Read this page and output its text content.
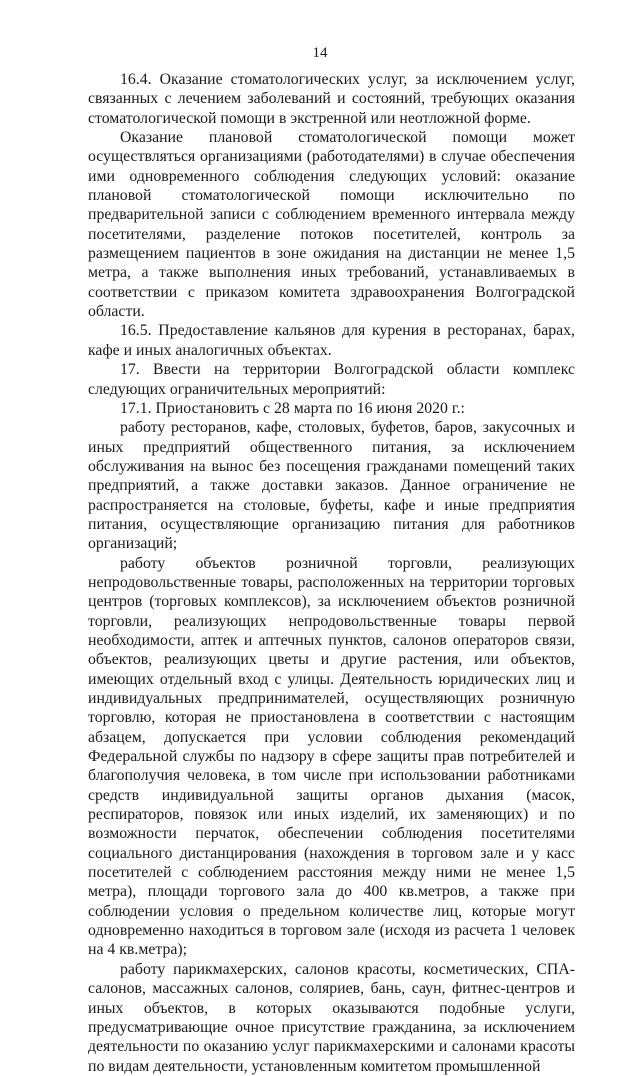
14

16.4. Оказание стоматологических услуг, за исключением услуг, связанных с лечением заболеваний и состояний, требующих оказания стоматологической помощи в экстренной или неотложной форме.

Оказание плановой стоматологической помощи может осуществляться организациями (работодателями) в случае обеспечения ими одновременного соблюдения следующих условий: оказание плановой стоматологической помощи исключительно по предварительной записи с соблюдением временного интервала между посетителями, разделение потоков посетителей, контроль за размещением пациентов в зоне ожидания на дистанции не менее 1,5 метра, а также выполнения иных требований, устанавливаемых в соответствии с приказом комитета здравоохранения Волгоградской области.

16.5. Предоставление кальянов для курения в ресторанах, барах, кафе и иных аналогичных объектах.

17. Ввести на территории Волгоградской области комплекс следующих ограничительных мероприятий:

17.1. Приостановить с 28 марта по 16 июня 2020 г.:

работу ресторанов, кафе, столовых, буфетов, баров, закусочных и иных предприятий общественного питания, за исключением обслуживания на вынос без посещения гражданами помещений таких предприятий, а также доставки заказов. Данное ограничение не распространяется на столовые, буфеты, кафе и иные предприятия питания, осуществляющие организацию питания для работников организаций;

работу объектов розничной торговли, реализующих непродовольственные товары, расположенных на территории торговых центров (торговых комплексов), за исключением объектов розничной торговли, реализующих непродовольственные товары первой необходимости, аптек и аптечных пунктов, салонов операторов связи, объектов, реализующих цветы и другие растения, или объектов, имеющих отдельный вход с улицы. Деятельность юридических лиц и индивидуальных предпринимателей, осуществляющих розничную торговлю, которая не приостановлена в соответствии с настоящим абзацем, допускается при условии соблюдения рекомендаций Федеральной службы по надзору в сфере защиты прав потребителей и благополучия человека, в том числе при использовании работниками средств индивидуальной защиты органов дыхания (масок, респираторов, повязок или иных изделий, их заменяющих) и по возможности перчаток, обеспечении соблюдения посетителями социального дистанцирования (нахождения в торговом зале и у касс посетителей с соблюдением расстояния между ними не менее 1,5 метра), площади торгового зала до 400 кв.метров, а также при соблюдении условия о предельном количестве лиц, которые могут одновременно находиться в торговом зале (исходя из расчета 1 человек на 4 кв.метра);

работу парикмахерских, салонов красоты, косметических, СПА-салонов, массажных салонов, соляриев, бань, саун, фитнес-центров и иных объектов, в которых оказываются подобные услуги, предусматривающие очное присутствие гражданина, за исключением деятельности по оказанию услуг парикмахерскими и салонами красоты по видам деятельности, установленным комитетом промышленной
